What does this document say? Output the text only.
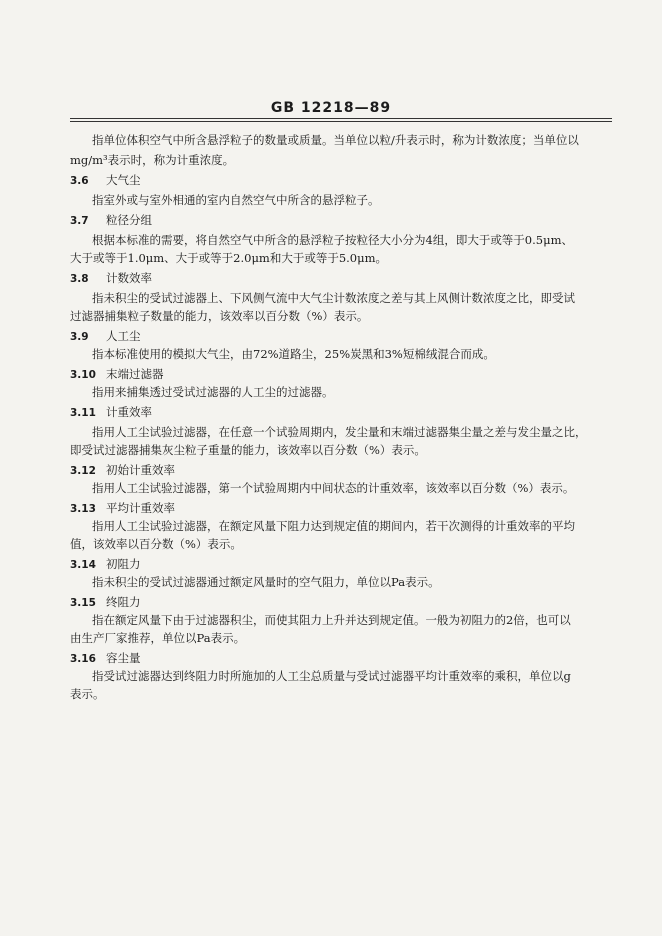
GB 12218—89
指单位体积空气中所含悬浮粒子的数量或质量。当单位以粒/升表示时，称为计数浓度；当单位以
mg/m³表示时，称为计重浓度。
3.6 大气尘
指室外或与室外相通的室内自然空气中所含的悬浮粒子。
3.7 粒径分组
根据本标准的需要，将自然空气中所含的悬浮粒子按粒径大小分为4组，即大于或等于0.5μm、
大于或等于1.0μm、大于或等于2.0μm和大于或等于5.0μm。
3.8 计数效率
指未积尘的受试过滤器上、下风侧气流中大气尘计数浓度之差与其上风侧计数浓度之比，即受试
过滤器捕集粒子数量的能力，该效率以百分数（%）表示。
3.9 人工尘
指本标准使用的模拟大气尘，由72%道路尘，25%炭黑和3%短棉绒混合而成。
3.10 末端过滤器
指用来捕集透过受试过滤器的人工尘的过滤器。
3.11 计重效率
指用人工尘试验过滤器，在任意一个试验周期内，发尘量和末端过滤器集尘量之差与发尘量之比，
即受试过滤器捕集灰尘粒子重量的能力，该效率以百分数（%）表示。
3.12 初始计重效率
指用人工尘试验过滤器，第一个试验周期内中间状态的计重效率，该效率以百分数（%）表示。
3.13 平均计重效率
指用人工尘试验过滤器，在额定风量下阻力达到规定值的期间内，若干次测得的计重效率的平均
值，该效率以百分数（%）表示。
3.14 初阻力
指未积尘的受试过滤器通过额定风量时的空气阻力，单位以Pa表示。
3.15 终阻力
指在额定风量下由于过滤器积尘，而使其阻力上升并达到规定值。一般为初阻力的2倍，也可以
由生产厂家推荐，单位以Pa表示。
3.16 容尘量
指受试过滤器达到终阻力时所施加的人工尘总质量与受试过滤器平均计重效率的乘积，单位以g
表示。
